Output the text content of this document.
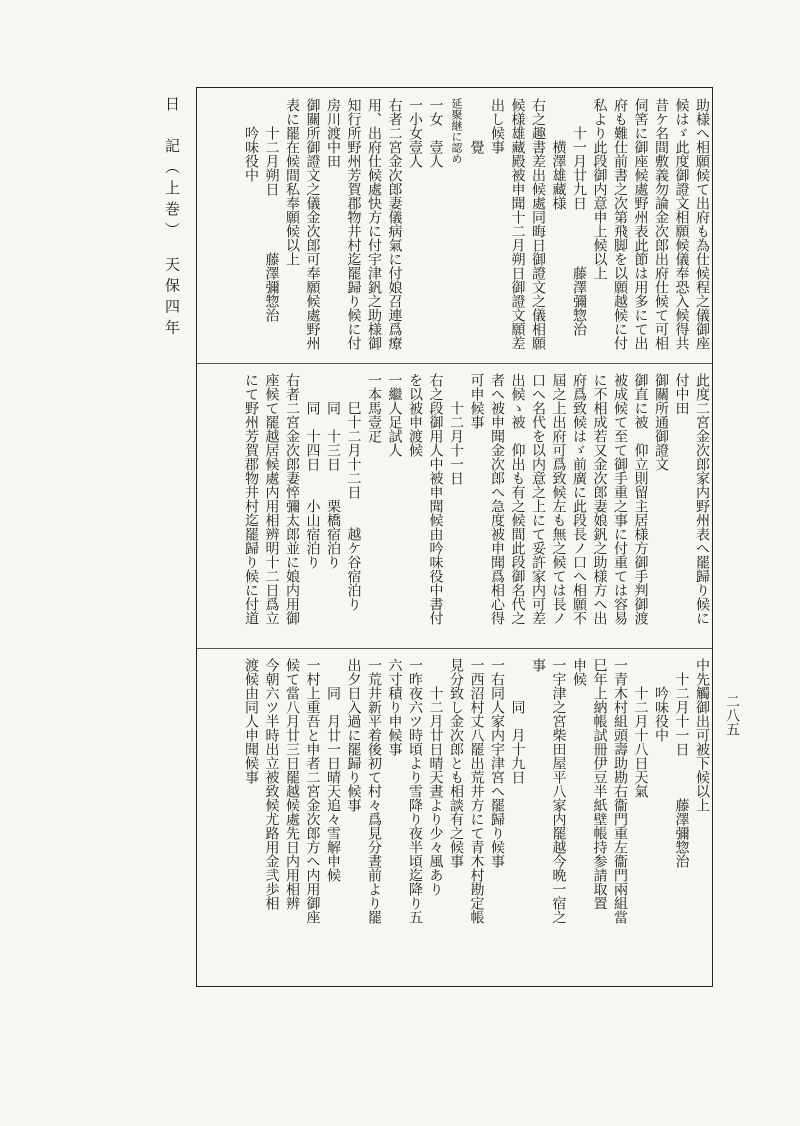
日　記（上巻）　天保四年
二八五
助様へ相願候て出府も為仕候程之儀御座
候はゞ此度御證文相願候儀奉恐入候得共
昔ケ名間敷義勿論金次郎出府仕候て可相
伺筈に御座候處野州表此節は用多にて出
府も難仕前書之次第飛脚を以願越候に付
私より此段御内意申上候以上
十一月廿九日　　　　藤澤彌惣治
横澤雄藏様
右之趣書差出候處同晦日御證文之儀相願
候様雄藏殿被申聞十二月朔日御證文願差
出し候事
覺
延聚継に認め
一女　壹人
一小女壹人
右者二宮金次郎妻儀病氣に付娘召連爲療
用、出府仕候處快方に付宇津釩之助様御
知行所野州芳賀郡物井村迄罷歸り候に付
房川渡中田
御關所御證文之儀金次郎可奉願候處野州
表に罷在候間私奉願候以上
十二月朔日　　　　藤澤彌惣治
吟味役中
此度二宮金次郎家内野州表へ罷歸り候に
付中田
御關所通御證文
御直に被　仰立則留主居様方御手判御渡
被成候て至て御手重之事に付重ては容易
に不相成若又金次郎妻娘釩之助様方へ出
府爲致候はゞ前廣に此段長ノ口へ相願不
屆之上出府可爲致候左も無之候ては長ノ
口へ名代を以内意之上にて妥許家内可差
出候ゝ被　仰出も有之候間此段御名代之
者へ被申聞金次郎へ急度被申聞爲相心得
可申候事
十二月十一日
右之段御用人中被申聞候由吟味役中書付
を以被申渡候
一繼人足試人
一本馬壹疋
巳十二月十二日　　越ケ谷宿泊り
同　十三日　　栗橋宿泊り
同　十四日　　小山宿泊り
右者二宮金次郎妻悴彌太郎並に娘内用御
座候て罷越居候處内用相辨明十二日爲立
にて野州芳賀郡物井村迄罷歸り候に付道
中先觸御出可被下候以上
十二月十一日　　　藤澤彌惣治
吟味役中
十二月十八日天氣
一青木村組頭壽助勘右衞門重左衞門兩組當
巳年上納帳試冊伊豆半紙壁帳持参請取置
申候
一宇津之宮柴田屋平八家内罷越今晩一宿之
事
同　月十九日
一右同人家内宇津宮へ罷歸り候事
一西沼村丈八罷出荒井方にて青木村勘定帳
見分致し金次郎とも相談有之候事
十二月廿日晴天晝より少々風あり
一昨夜六ツ時頃より雪降り夜半頃迄降り五
六寸積り申候事
一荒井新平着後初て村々爲見分晝前より罷
出夕日入過に罷歸り候事
同　月廿一日晴天追々雪解申候
一村上重吾と申者二宮金次郎方へ内用御座
候て當八月廿三日罷越候處先日内用相辨
今朝六ツ半時出立被致候尤路用金弐歩相
渡候由同人申聞候事
